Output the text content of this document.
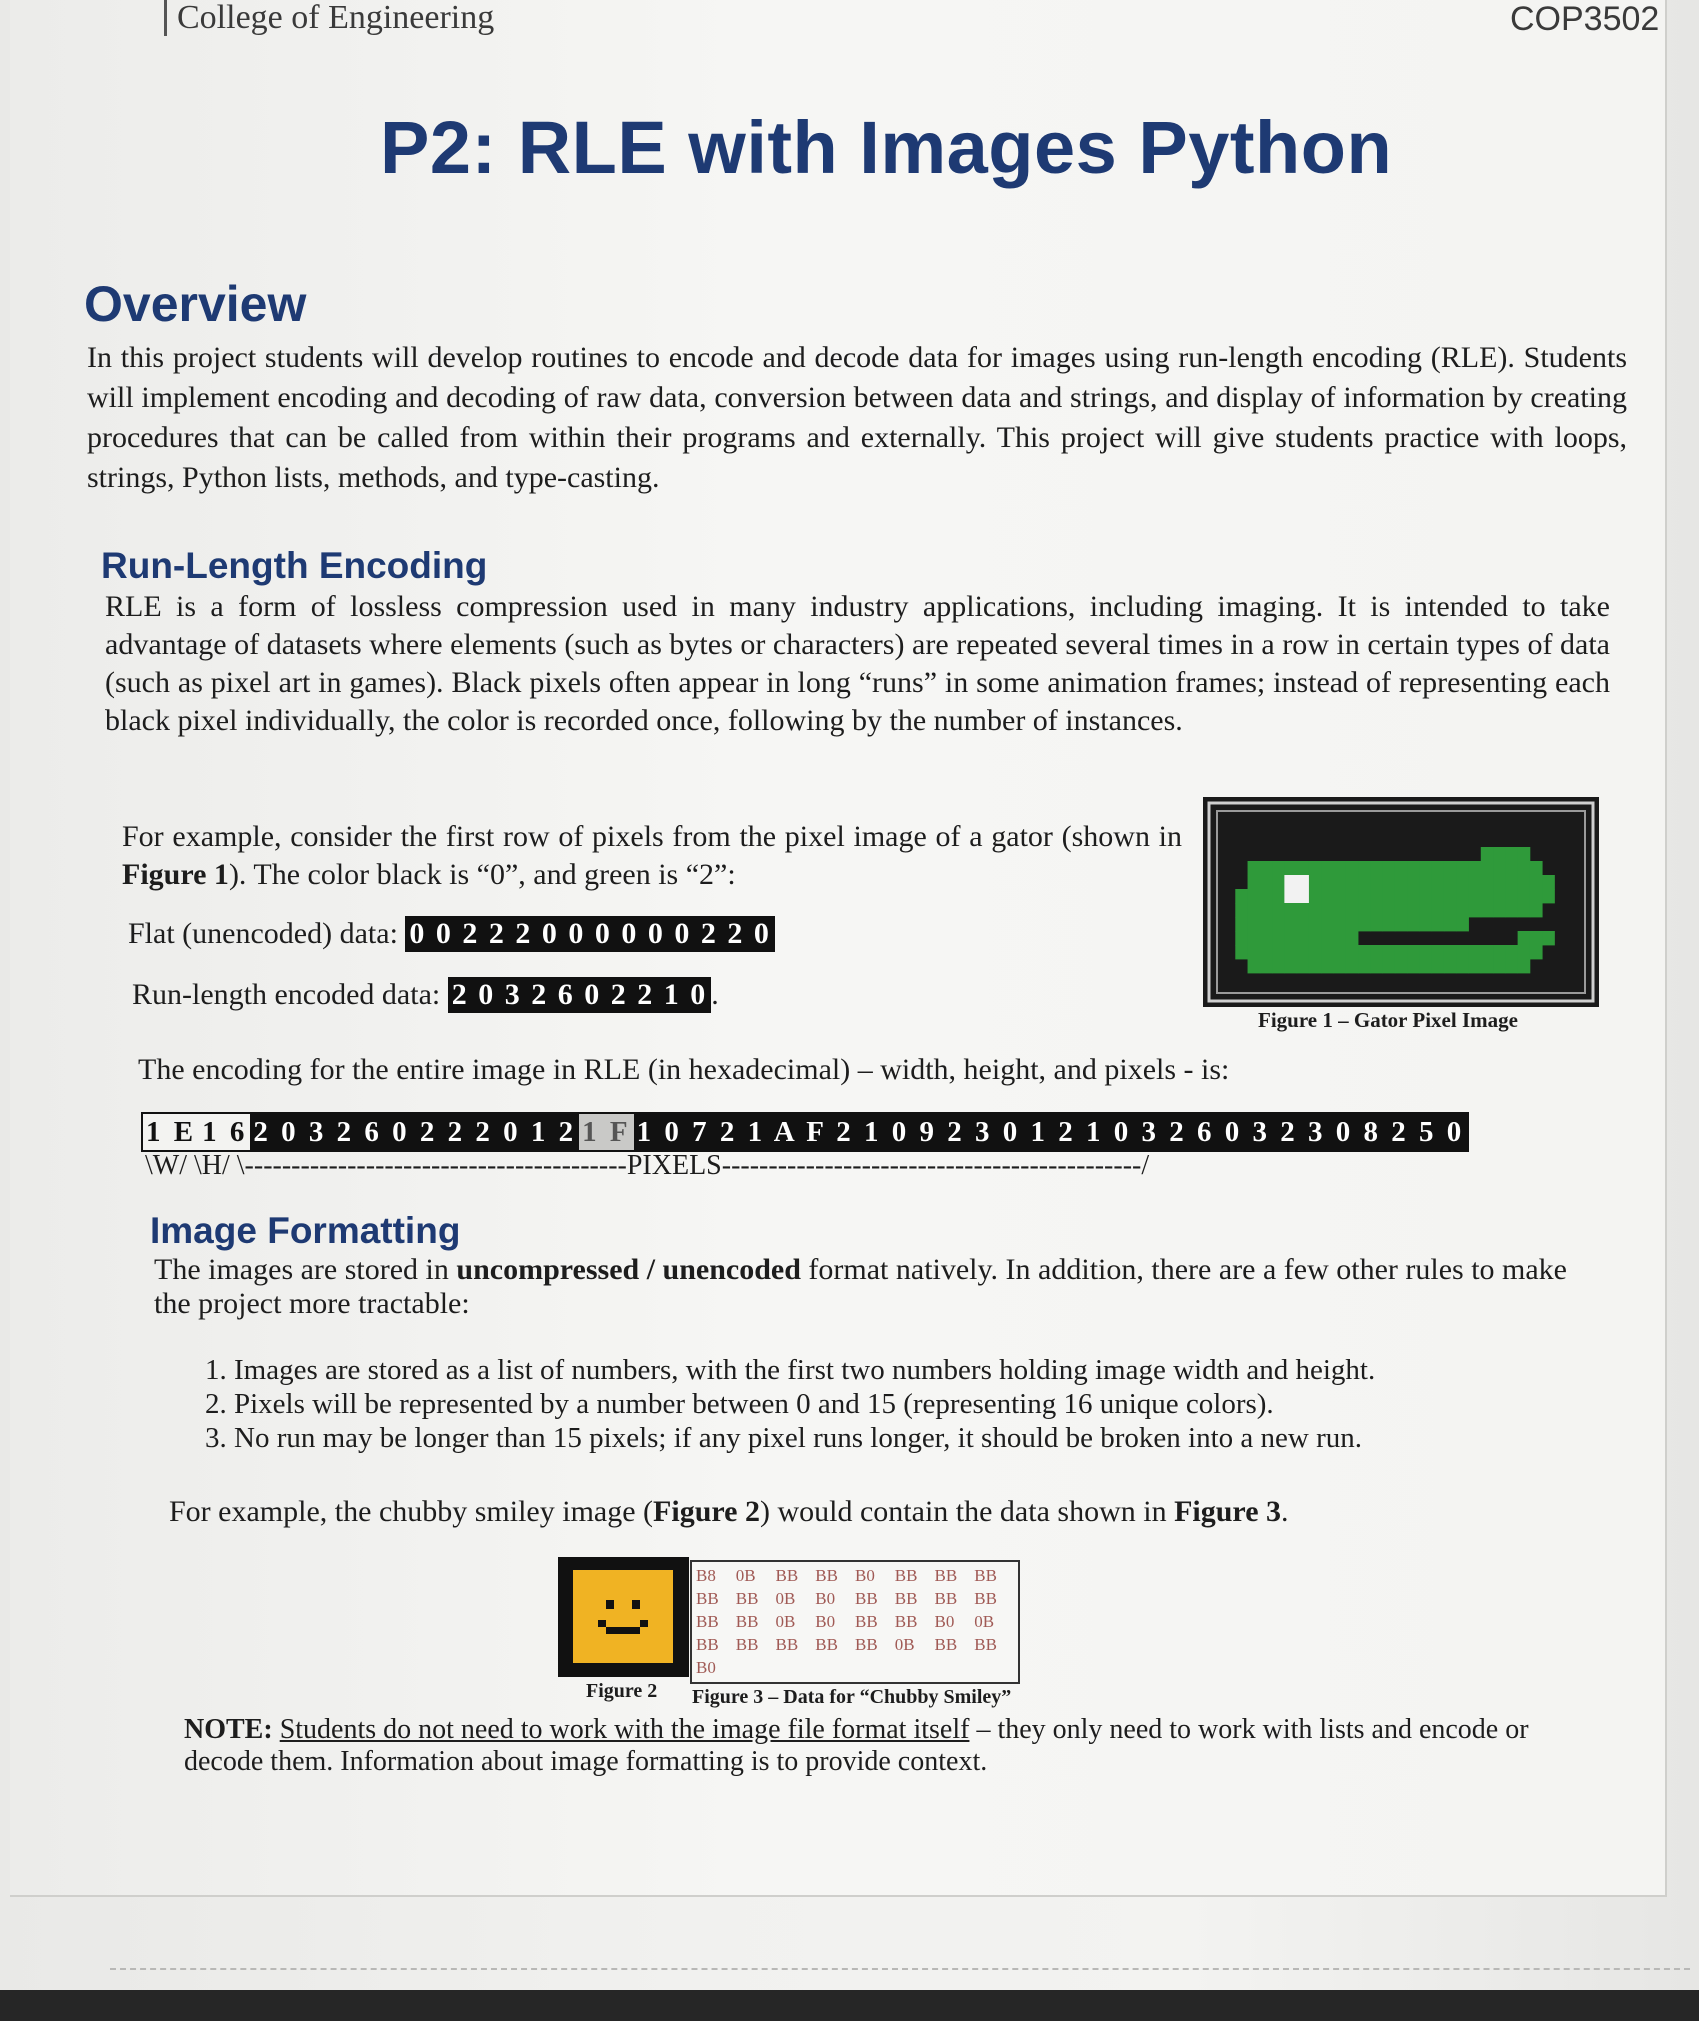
College of Engineering	COP3502
P2: RLE with Images Python
Overview
In this project students will develop routines to encode and decode data for images using run-length encoding (RLE). Students will implement encoding and decoding of raw data, conversion between data and strings, and display of information by creating procedures that can be called from within their programs and externally. This project will give students practice with loops, strings, Python lists, methods, and type-casting.
Run-Length Encoding
RLE is a form of lossless compression used in many industry applications, including imaging. It is intended to take advantage of datasets where elements (such as bytes or characters) are repeated several times in a row in certain types of data (such as pixel art in games). Black pixels often appear in long “runs” in some animation frames; instead of representing each black pixel individually, the color is recorded once, following by the number of instances.
For example, consider the first row of pixels from the pixel image of a gator (shown in Figure 1). The color black is “0”, and green is “2”:
Flat (unencoded) data: 0 0 2 2 2 0 0 0 0 0 0 2 2 0
Run-length encoded data: 2 0 3 2 6 0 2 2 1 0 .
Figure 1 – Gator Pixel Image
The encoding for the entire image in RLE (in hexadecimal) – width, height, and pixels - is:
1 E 1 6 2 0 3 2 6 0 2 2 2 0 1 2 1 F 1 0 7 2 1 A F 2 1 0 9 2 3 0 1 2 1 0 3 2 6 0 3 2 3 0 8 2 5 0
\W/ \H/ \-----------------------------------------PIXELS---------------------------------------------/
Image Formatting
The images are stored in uncompressed / unencoded format natively. In addition, there are a few other rules to make the project more tractable:
1. Images are stored as a list of numbers, with the first two numbers holding image width and height.
2. Pixels will be represented by a number between 0 and 15 (representing 16 unique colors).
3. No run may be longer than 15 pixels; if any pixel runs longer, it should be broken into a new run.
For example, the chubby smiley image (Figure 2) would contain the data shown in Figure 3.
Figure 2
B8	0B	BB	BB	B0	BB	BB	BB
BB	BB	0B	B0	BB	BB	BB	BB
BB	BB	0B	B0	BB	BB	B0	0B
BB	BB	BB	BB	BB	0B	BB	BB
B0
Figure 3 – Data for “Chubby Smiley”
NOTE: Students do not need to work with the image file format itself – they only need to work with lists and encode or decode them. Information about image formatting is to provide context.
